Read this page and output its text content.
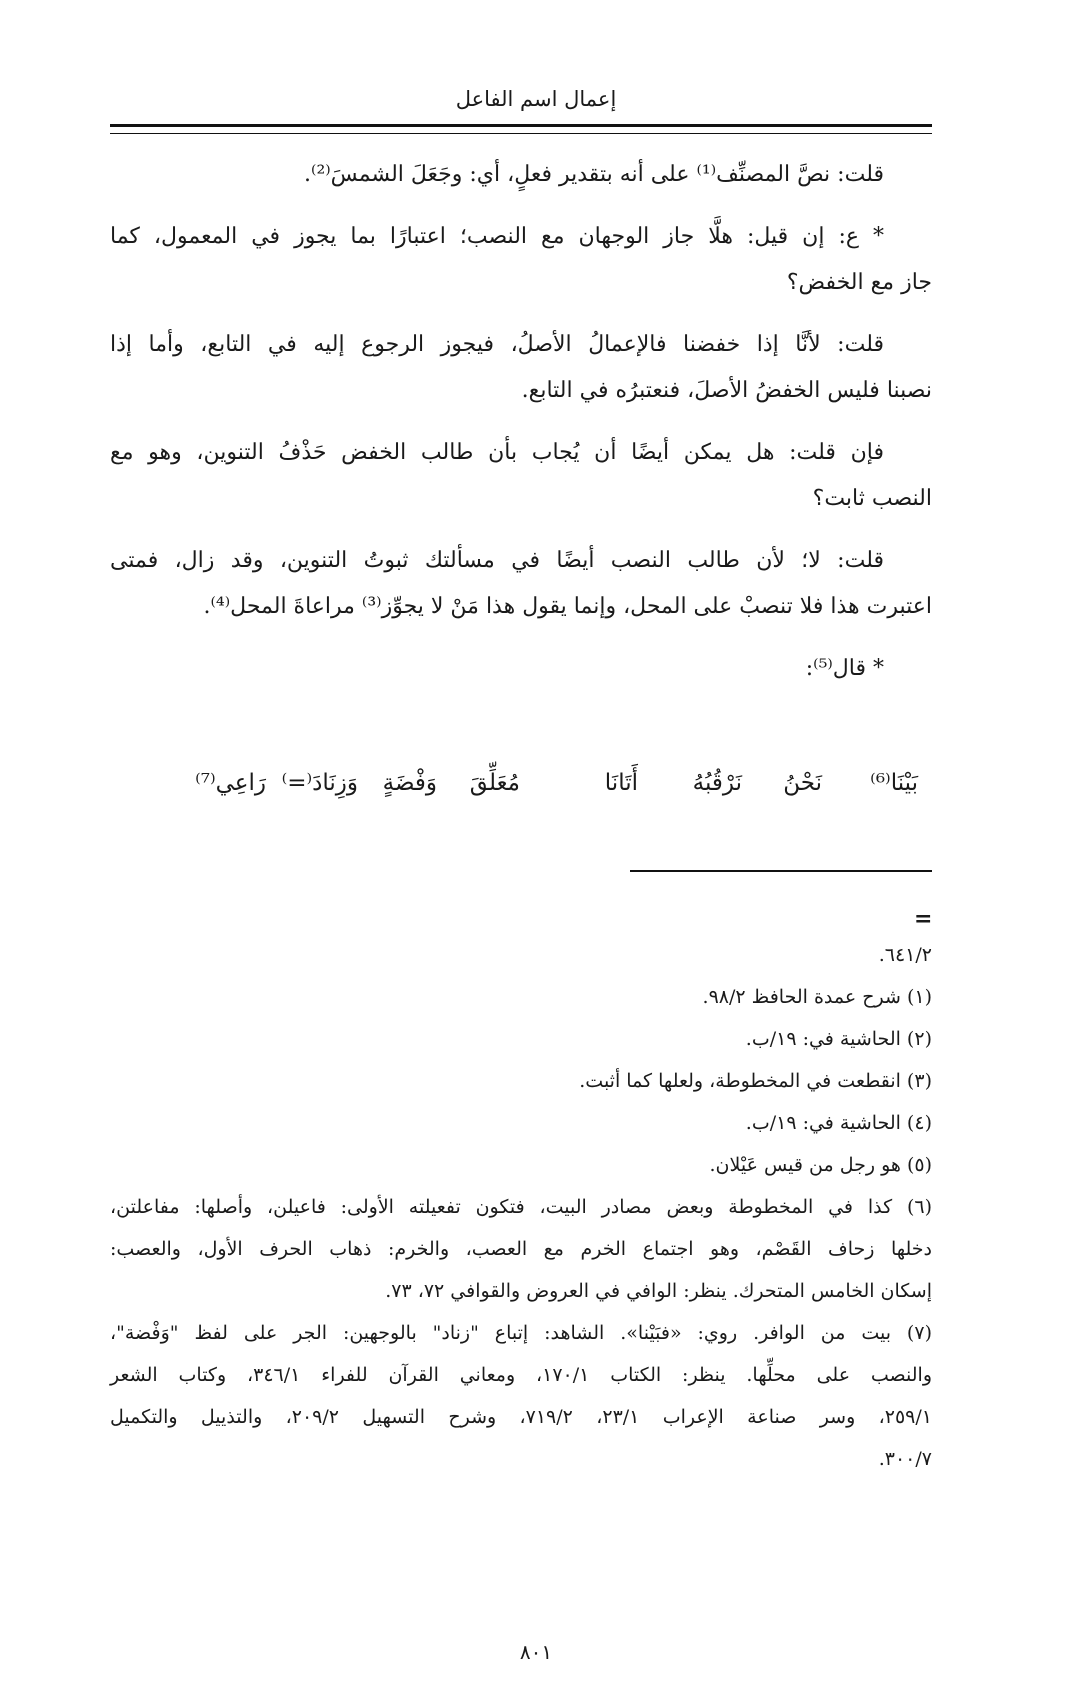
إعمال اسم الفاعل

قلت: نصَّ المصنِّف⁽¹⁾ على أنه بتقدير فعلٍ، أي: وجَعَلَ الشمسَ⁽²⁾.

* ع: إن قيل: هلَّا جاز الوجهان مع النصب؛ اعتبارًا بما يجوز في المعمول، كما
جاز مع الخفض؟

قلت: لأنَّا إذا خفضنا فالإعمالُ الأصلُ، فيجوز الرجوع إليه في التابع، وأما إذا
نصبنا فليس الخفضُ الأصلَ، فنعتبرُه في التابع.

فإن قلت: هل يمكن أيضًا أن يُجاب بأن طالب الخفض حَذْفُ التنوين، وهو مع
النصب ثابت؟

قلت: لا؛ لأن طالب النصب أيضًا في مسألتك ثبوتُ التنوين، وقد زال، فمتى
اعتبرت هذا فلا تنصبْ على المحل، وإنما يقول هذا مَنْ لا يجوِّز⁽³⁾ مراعاةَ المحل⁽⁴⁾.

* قال⁽⁵⁾:

بَيْنَا⁽⁶⁾
نَحْنُ
نَرْقُبُهُ
أَتَانَا
مُعَلِّقَ
وَفْضَةٍ
وَزِنَادَ⁽=⁾
رَاعِي⁽⁷⁾
=

٦٤١/٢.

(١) شرح عمدة الحافظ ٩٨/٢.

(٢) الحاشية في: ١٩/ب.

(٣) انقطعت في المخطوطة، ولعلها كما أثبت.

(٤) الحاشية في: ١٩/ب.

(٥) هو رجل من قيس عَيْلان.

(٦) كذا في المخطوطة وبعض مصادر البيت، فتكون تفعيلته الأولى: فاعيلن، وأصلها: مفاعلتن،
دخلها زحاف القَصْم، وهو اجتماع الخرم مع العصب، والخرم: ذهاب الحرف الأول، والعصب:
إسكان الخامس المتحرك. ينظر: الوافي في العروض والقوافي ٧٢، ٧٣.

(٧) بيت من الوافر. روي: «فبَيْنا». الشاهد: إتباع "زناد" بالوجهين: الجر على لفظ "وَفْضة"،
والنصب على محلِّها. ينظر: الكتاب ١٧٠/١، ومعاني القرآن للفراء ٣٤٦/١، وكتاب الشعر
٢٥٩/١، وسر صناعة الإعراب ٢٣/١، ٧١٩/٢، وشرح التسهيل ٢٠٩/٢، والتذييل والتكميل
٣٠٠/٧.

٨٠١
